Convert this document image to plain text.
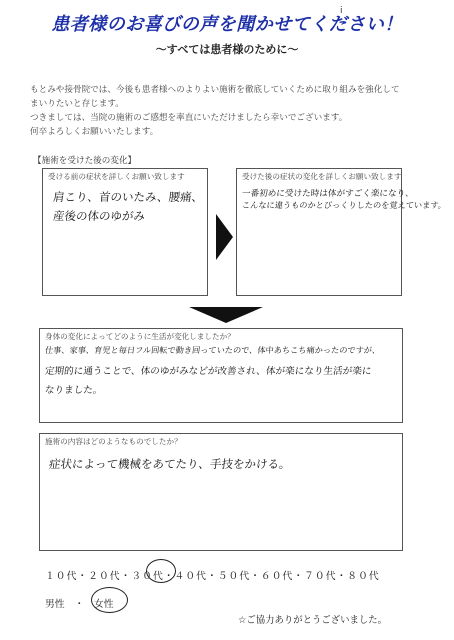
患者様のお喜びの声を聞かせてください！
i
～すべては患者様のために～
もとみや接骨院では、今後も患者様へのよりよい施術を徹底していくために取り組みを強化して
まいりたいと存じます。
つきましては、当院の施術のご感想を率直にいただけましたら幸いでございます。
何卒よろしくお願いいたします。
【施術を受けた後の変化】
受ける前の症状を詳しくお願い致します
肩こり、首のいたみ、腰痛、
産後の体のゆがみ
受けた後の症状の変化を詳しくお願い致します
一番初めに受けた時は体がすごく楽になり、
こんなに違うものかとびっくりしたのを覚えています。
身体の変化によってどのように生活が変化しましたか？
仕事、家事、育児と毎日フル回転で動き回っていたので、体中あちこち痛かったのですが、
定期的に通うことで、体のゆがみなどが改善され、体が楽になり生活が楽に
なりました。
施術の内容はどのようなものでしたか？
症状によって機械をあてたり、手技をかける。
１０代・２０代・３０代・４０代・５０代・６０代・７０代・８０代
男性　・　女性
☆ご協力ありがとうございました。
